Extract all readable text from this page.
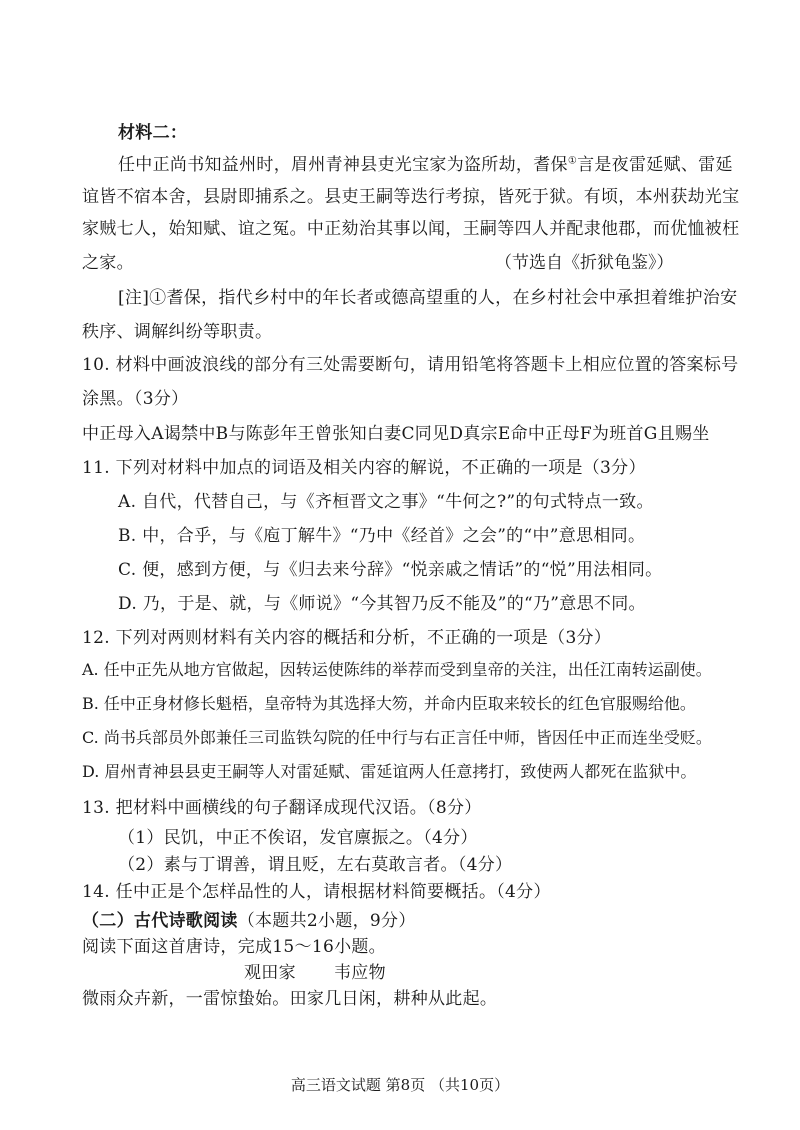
材料二：
任中正尚书知益州时，眉州青神县吏光宝家为盗所劫，耆保①言是夜雷延赋、雷延
谊皆不宿本舍，县尉即捕系之。县吏王嗣等迭行考掠，皆死于狱。有顷，本州获劫光宝
家贼七人，始知赋、谊之冤。中正劾治其事以闻，王嗣等四人并配隶他郡，而优恤被枉
之家。	（节选自《折狱龟鉴》）
[注]①耆保，指代乡村中的年长者或德高望重的人，在乡村社会中承担着维护治安
秩序、调解纠纷等职责。
10. 材料中画波浪线的部分有三处需要断句，请用铅笔将答题卡上相应位置的答案标号
涂黑。（3分）
中正母入A谒禁中B与陈彭年王曾张知白妻C同见D真宗E命中正母F为班首G且赐坐
11. 下列对材料中加点的词语及相关内容的解说，不正确的一项是（3分）
A. 自代，代替自己，与《齐桓晋文之事》“牛何之?”的句式特点一致。
B. 中，合乎，与《庖丁解牛》“乃中《经首》之会”的“中”意思相同。
C. 便，感到方便，与《归去来兮辞》“悦亲戚之情话”的“悦”用法相同。
D. 乃，于是、就，与《师说》“今其智乃反不能及”的“乃”意思不同。
12. 下列对两则材料有关内容的概括和分析，不正确的一项是（3分）
A. 任中正先从地方官做起，因转运使陈纬的举荐而受到皇帝的关注，出任江南转运副使。
B. 任中正身材修长魁梧，皇帝特为其选择大笏，并命内臣取来较长的红色官服赐给他。
C. 尚书兵部员外郎兼任三司监铁勾院的任中行与右正言任中师，皆因任中正而连坐受贬。
D. 眉州青神县县吏王嗣等人对雷延赋、雷延谊两人任意拷打，致使两人都死在监狱中。
13. 把材料中画横线的句子翻译成现代汉语。（8分）
（1）民饥，中正不俟诏，发官廪振之。（4分）
（2）素与丁谓善，谓且贬，左右莫敢言者。（4分）
14. 任中正是个怎样品性的人，请根据材料简要概括。（4分）
（二）古代诗歌阅读（本题共2小题，9分）
阅读下面这首唐诗，完成15～16小题。
观田家 韦应物
微雨众卉新，一雷惊蛰始。田家几日闲，耕种从此起。
高三语文试题 第8页 （共10页）
